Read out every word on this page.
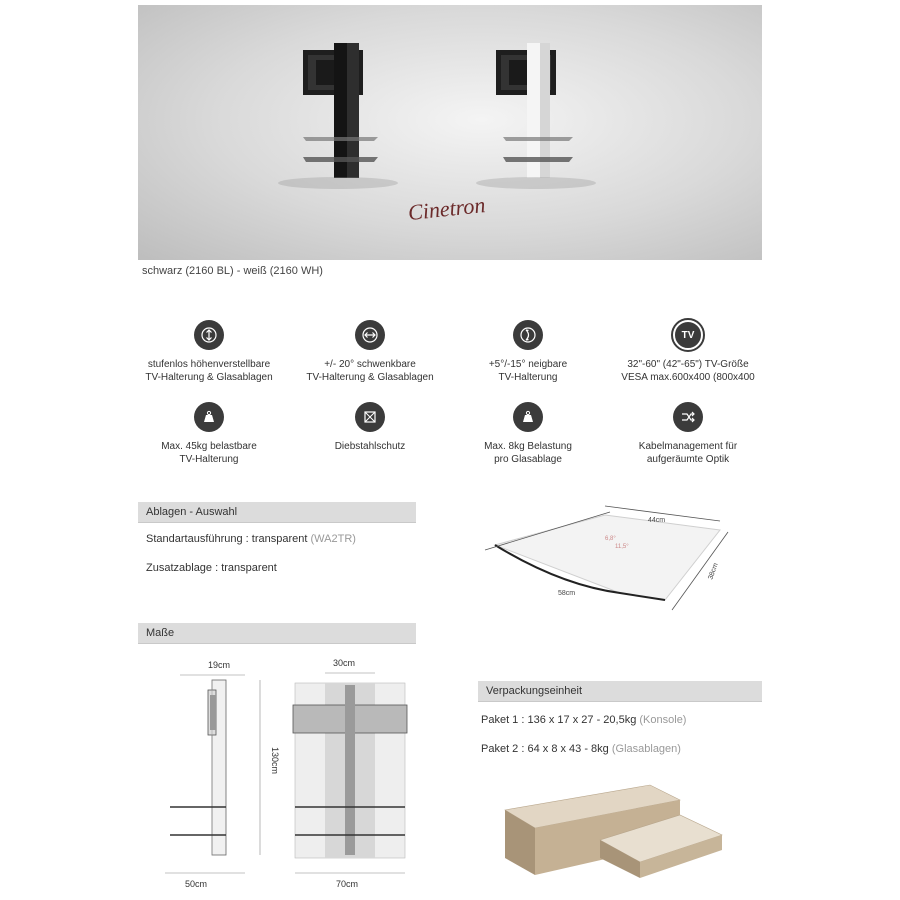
Cinetron
schwarz (2160 BL) - weiß (2160 WH)
stufenlos höhenverstellbare
TV-Halterung & Glasablagen
+/- 20° schwenkbare
TV-Halterung & Glasablagen
+5°/-15° neigbare
TV-Halterung
TV
32"-60" (42"-65") TV-Größe
VESA max.600x400 (800x400
Max. 45kg belastbare
TV-Halterung
Diebstahlschutz	Max. 8kg Belastung
pro Glasablage
Kabelmanagement für
aufgeräumte Optik
Ablagen - Auswahl
Standartausführung : transparent (WA2TR)
Zusatzablage : transparent
44cm
38cm
58cm
6,8°
11,5°
Maße
19cm
130cm
50cm
30cm
70cm
Verpackungseinheit
Paket 1 : 136 x 17 x 27 - 20,5kg (Konsole)
Paket 2 : 64 x 8 x 43 - 8kg (Glasablagen)
